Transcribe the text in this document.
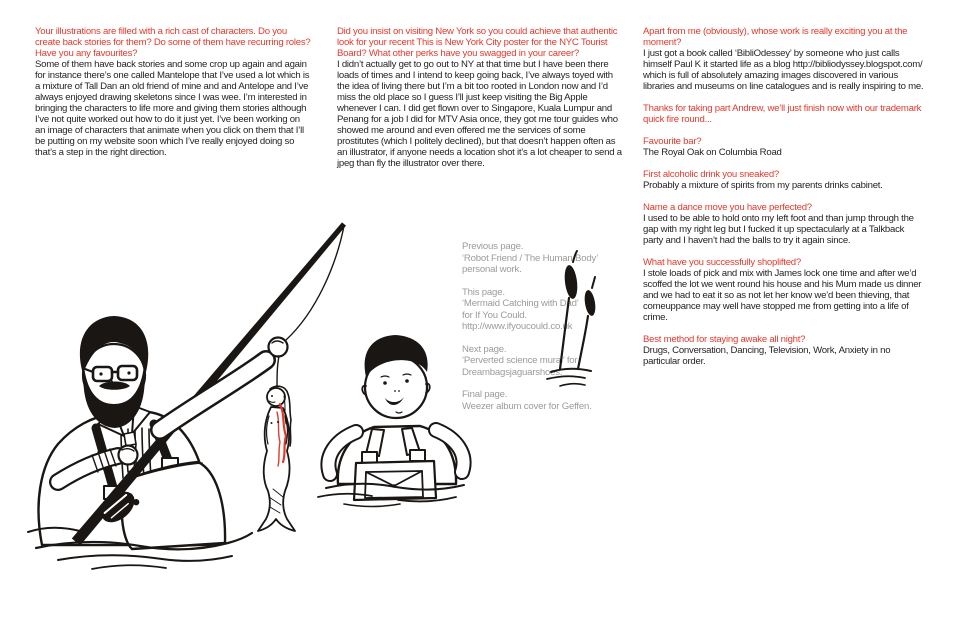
Your illustrations are filled with a rich cast of characters. Do you create back stories for them? Do some of them have recurring roles? Have you any favourites?

Some of them have back stories and some crop up again and again for instance there’s one called Mantelope that I’ve used a lot which is a mixture of Tall Dan an old friend of mine and and Antelope and I’ve always enjoyed drawing skeletons since I was wee. I’m interested in bringing the characters to life more and giving them stories although I’ve not quite worked out how to do it just yet. I’ve been working on an image of characters that animate when you click on them that I’ll be putting on my website soon which I’ve really enjoyed doing so that’s a step in the right direction.

Did you insist on visiting New York so you could achieve that authentic look for your recent This is New York City poster for the NYC Tourist Board? What other perks have you swagged in your career?

I didn’t actually get to go out to NY at that time but I have been there loads of times and I intend to keep going back, I’ve always toyed with the idea of living there but I’m a bit too rooted in London now and I’d miss the old place so I guess I’ll just keep visiting the Big Apple whenever I can. I did get flown over to Singapore, Kuala Lumpur and Penang for a job I did for MTV Asia once, they got me tour guides who showed me around and even offered me the services of some prostitutes (which I politely declined), but that doesn’t happen often as an illustrator, if anyone needs a location shot it’s a lot cheaper to send a jpeg than fly the illustrator over there.

Apart from me (obviously), whose work is really exciting you at the moment?

I just got a book called ‘BibliOdessey’ by someone who just calls himself Paul K it started life as a blog http://bibliodyssey.blogspot.com/ which is full of absolutely amazing images discovered in various libraries and museums on line catalogues and is really inspiring to me.

Thanks for taking part Andrew, we’ll just finish now with our trademark quick fire round...

Favourite bar?

The Royal Oak on Columbia Road

First alcoholic drink you sneaked?

Probably a mixture of spirits from my parents drinks cabinet.

Name a dance move you have perfected?

I used to be able to hold onto my left foot and than jump through the gap with my right leg but I fucked it up spectacularly at a Talkback party and I haven’t had the balls to try it again since.

What have you successfully shoplifted?

I stole loads of pick and mix with James lock one time and after we’d scoffed the lot we went round his house and his Mum made us dinner and we had to eat it so as not let her know we’d been thieving, that comeuppance may well have stopped me from getting into a life of crime.

Best method for staying awake all night?

Drugs, Conversation, Dancing, Television, Work, Anxiety in no particular order.

Previous page.

‘Robot Friend / The Human Body’

personal work.

This page.

‘Mermaid Catching with Dad’

for If You Could.

http://www.ifyoucould.co.uk

Next page.

‘Perverted science mural’ for

Dreambagsjaguarshoes.

Final page.

Weezer album cover for Geffen.
